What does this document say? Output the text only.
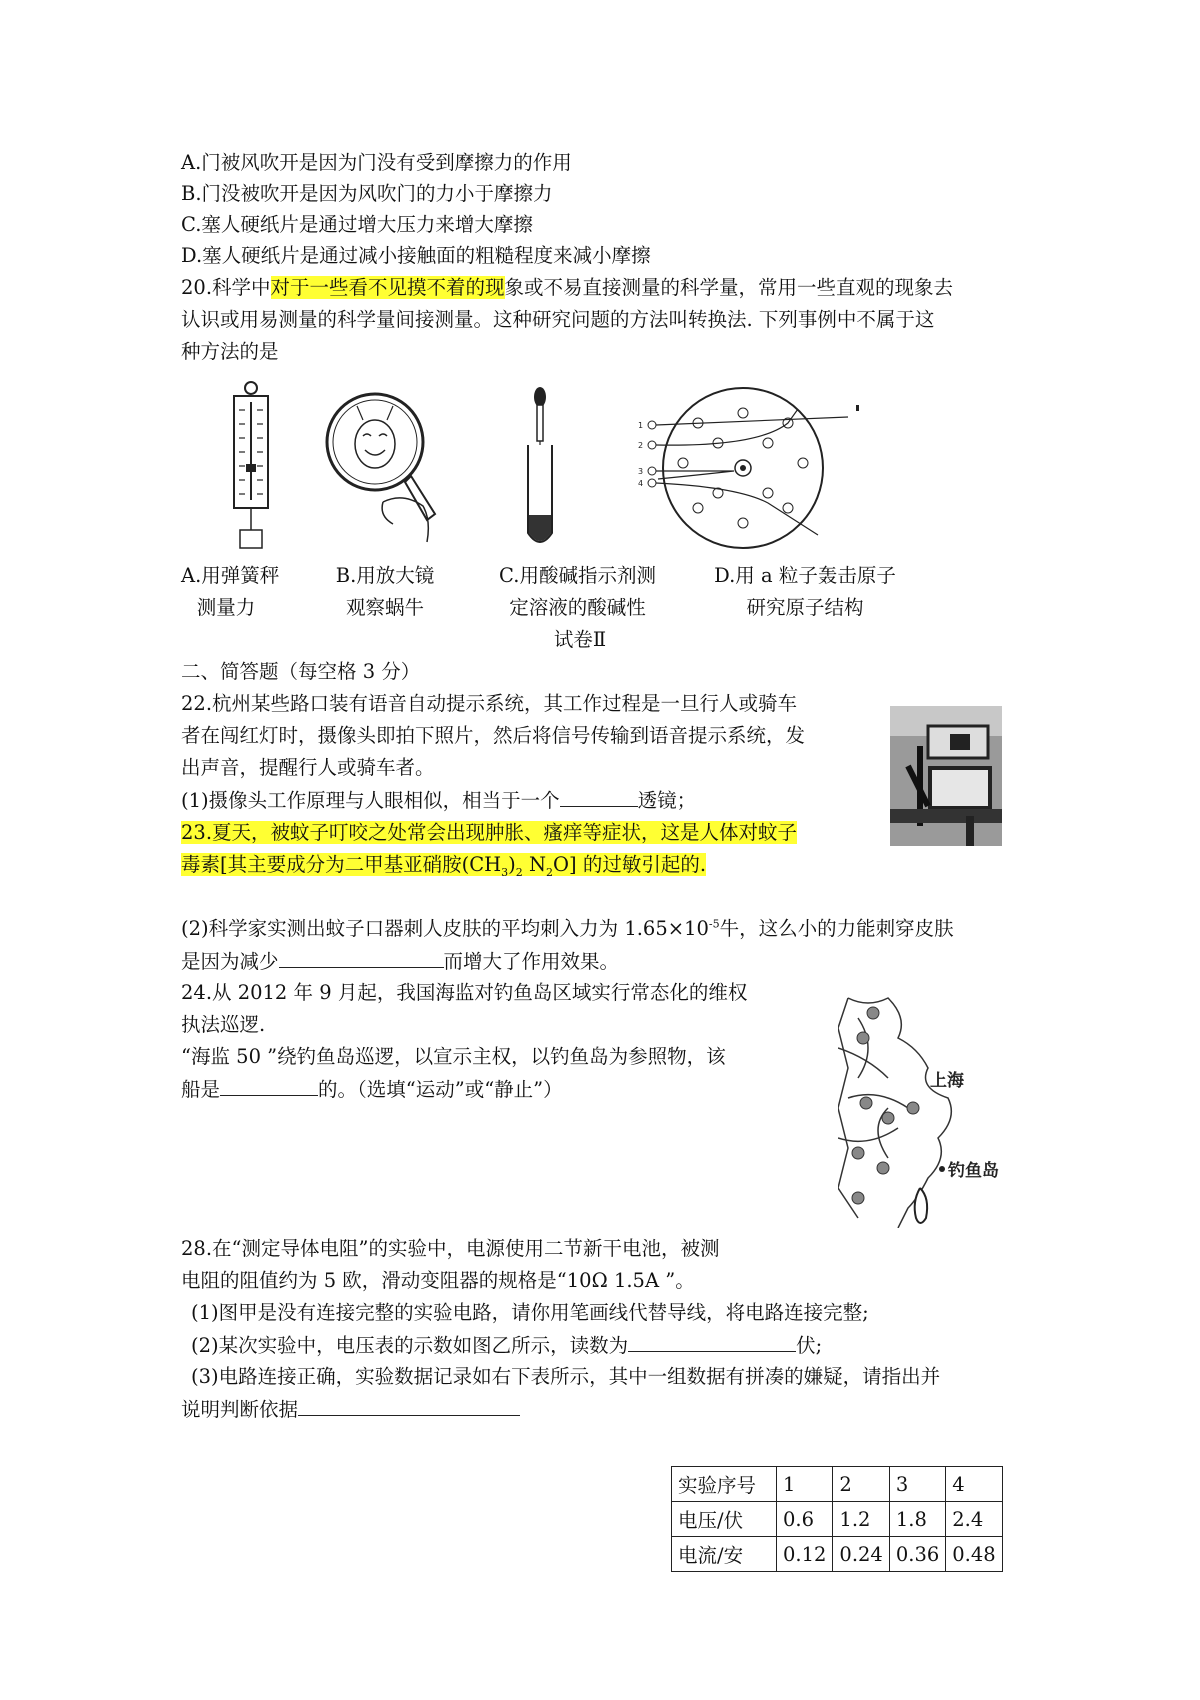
A.门被风吹开是因为门没有受到摩擦力的作用
B.门没被吹开是因为风吹门的力小于摩擦力
C.塞人硬纸片是通过增大压力来增大摩擦
D.塞人硬纸片是通过减小接触面的粗糙程度来减小摩擦
20.科学中对于一些看不见摸不着的现象或不易直接测量的科学量，常用一些直观的现象去
认识或用易测量的科学量间接测量。这种研究问题的方法叫转换法. 下列事例中不属于这
种方法的是
1
2
3
4
A.用弹簧秤
测量力
B.用放大镜
观察蜗牛
C.用酸碱指示剂测
定溶液的酸碱性
D.用 a 粒子轰击原子
研究原子结构
试卷Ⅱ
二、简答题（每空格 3 分）
22.杭州某些路口装有语音自动提示系统，其工作过程是一旦行人或骑车
者在闯红灯时，摄像头即拍下照片，然后将信号传输到语音提示系统，发
出声音，提醒行人或骑车者。
(1)摄像头工作原理与人眼相似，相当于一个	透镜；
23.夏天，被蚊子叮咬之处常会出现肿胀、瘙痒等症状，这是人体对蚊子
毒素[其主要成分为二甲基亚硝胺$(CH_3)_2$ $N_2O$] 的过敏引起的.
(2)科学家实测出蚊子口器刺人皮肤的平均刺入力为 $1.65\times 10^{-5}$牛，这么小的力能刺穿皮肤
是因为减少	而增大了作用效果。
24.从 2012 年 9 月起，我国海监对钓鱼岛区域实行常态化的维权
执法巡逻.
“海监 50 ”绕钓鱼岛巡逻，以宣示主权，以钓鱼岛为参照物，该
船是	的。（选填“运动”或“静止”）	上海
钓鱼岛
28.在“测定导体电阻”的实验中，电源使用二节新干电池，被测
电阻的阻值约为 5 欧，滑动变阻器的规格是“10Ω 1.5A ”。
(1)图甲是没有连接完整的实验电路，请你用笔画线代替导线，将电路连接完整;
(2)某次实验中，电压表的示数如图乙所示，读数为	伏;
(3)电路连接正确，实验数据记录如右下表所示，其中一组数据有拼凑的嫌疑，请指出并
说明判断依据
实验序号	1	2	3	4
电压/伏	0.6	1.2	1.8	2.4
电流/安	0.12	0.24	0.36	0.48
